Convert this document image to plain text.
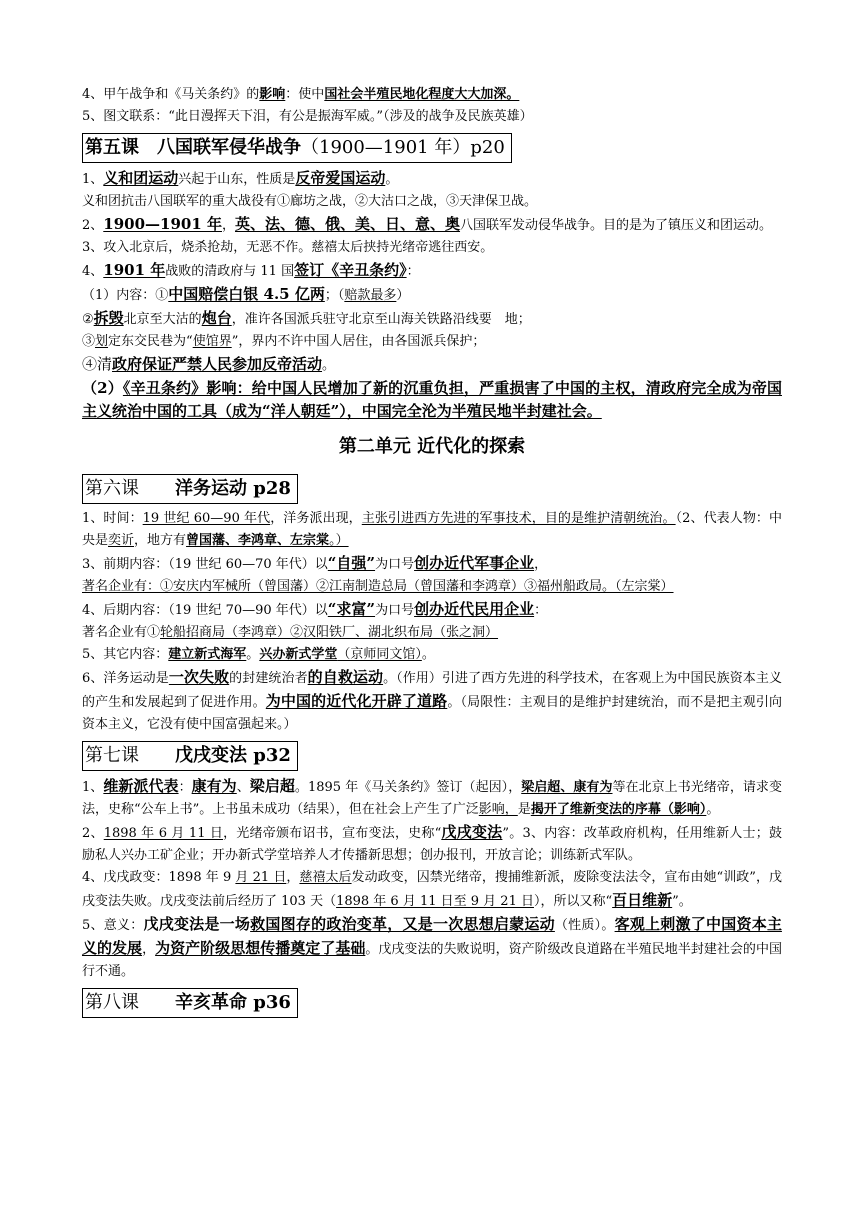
4、甲午战争和《马关条约》的影响：使中国社会半殖民地化程度大大加深。
5、图文联系：“此日漫挥天下泪，有公是振海军威。”（涉及的战争及民族英雄）
第五课　八国联军侵华战争（1900—1901 年）p20
1、义和团运动兴起于山东，性质是反帝爱国运动。
义和团抗击八国联军的重大战役有①廊坊之战，②大沽口之战，③天津保卫战。
2、1900—1901 年，英、法、德、俄、美、日、意、奥八国联军发动侵华战争。目的是为了镇压义和团运动。
3、攻入北京后，烧杀抢劫，无恶不作。慈禧太后挟持光绪帝逃往西安。
4、1901 年战败的清政府与 11 国签订《辛丑条约》：
（1）内容：①中国赔偿白银 4.5 亿两；（赔款最多）
②拆毁北京至大沽的炮台，准许各国派兵驻守北京至山海关铁路沿线要　地；
③划定东交民巷为“使馆界”，界内不许中国人居住，由各国派兵保护；
④清政府保证严禁人民参加反帝活动。
（2）《辛丑条约》影响：给中国人民增加了新的沉重负担，严重损害了中国的主权，清政府完全成为帝国主义统治中国的工具（成为“洋人朝廷”），中国完全沦为半殖民地半封建社会。
第二单元 近代化的探索
第六课　　洋务运动 p28
1、时间：19 世纪 60—90 年代，洋务派出现，主张引进西方先进的军事技术，目的是维护清朝统治。（2、代表人物：中央是奕䜣，地方有曾国藩、李鸿章、左宗棠。）
3、前期内容：（19 世纪 60—70 年代）以“自强”为口号创办近代军事企业，
著名企业有：①安庆内军械所（曾国藩）②江南制造总局（曾国藩和李鸿章）③福州船政局。（左宗棠）
4、后期内容：（19 世纪 70—90 年代）以“求富”为口号创办近代民用企业：
著名企业有①轮船招商局（李鸿章）②汉阳铁厂、湖北织布局（张之洞）
5、其它内容：建立新式海军。兴办新式学堂（京师同文馆）。
6、洋务运动是一次失败的封建统治者的自救运动。（作用）引进了西方先进的科学技术，在客观上为中国民族资本主义的产生和发展起到了促进作用。为中国的近代化开辟了道路。（局限性：主观目的是维护封建统治，而不是把主观引向资本主义，它没有使中国富强起来。）
第七课　　戊戌变法 p32
1、维新派代表：康有为、梁启超。1895 年《马关条约》签订（起因），梁启超、康有为等在北京上书光绪帝，请求变法，史称“公车上书”。上书虽未成功（结果），但在社会上产生了广泛影响，是揭开了维新变法的序幕（影响）。
2、1898 年 6 月 11 日，光绪帝颁布诏书，宣布变法，史称“戊戌变法”。3、内容：改革政府机构，任用维新人士；鼓励私人兴办工矿企业；开办新式学堂培养人才传播新思想；创办报刊，开放言论；训练新式军队。
4、戊戌政变：1898 年 9 月 21 日，慈禧太后发动政变，囚禁光绪帝，搜捕维新派，废除变法法令，宣布由她“训政”，戊戌变法失败。戊戌变法前后经历了 103 天（1898 年 6 月 11 日至 9 月 21 日），所以又称“百日维新”。
5、意义：戊戌变法是一场救国图存的政治变革，又是一次思想启蒙运动（性质）。客观上刺激了中国资本主义的发展，为资产阶级思想传播奠定了基础。戊戌变法的失败说明，资产阶级改良道路在半殖民地半封建社会的中国行不通。
第八课　　辛亥革命 p36
